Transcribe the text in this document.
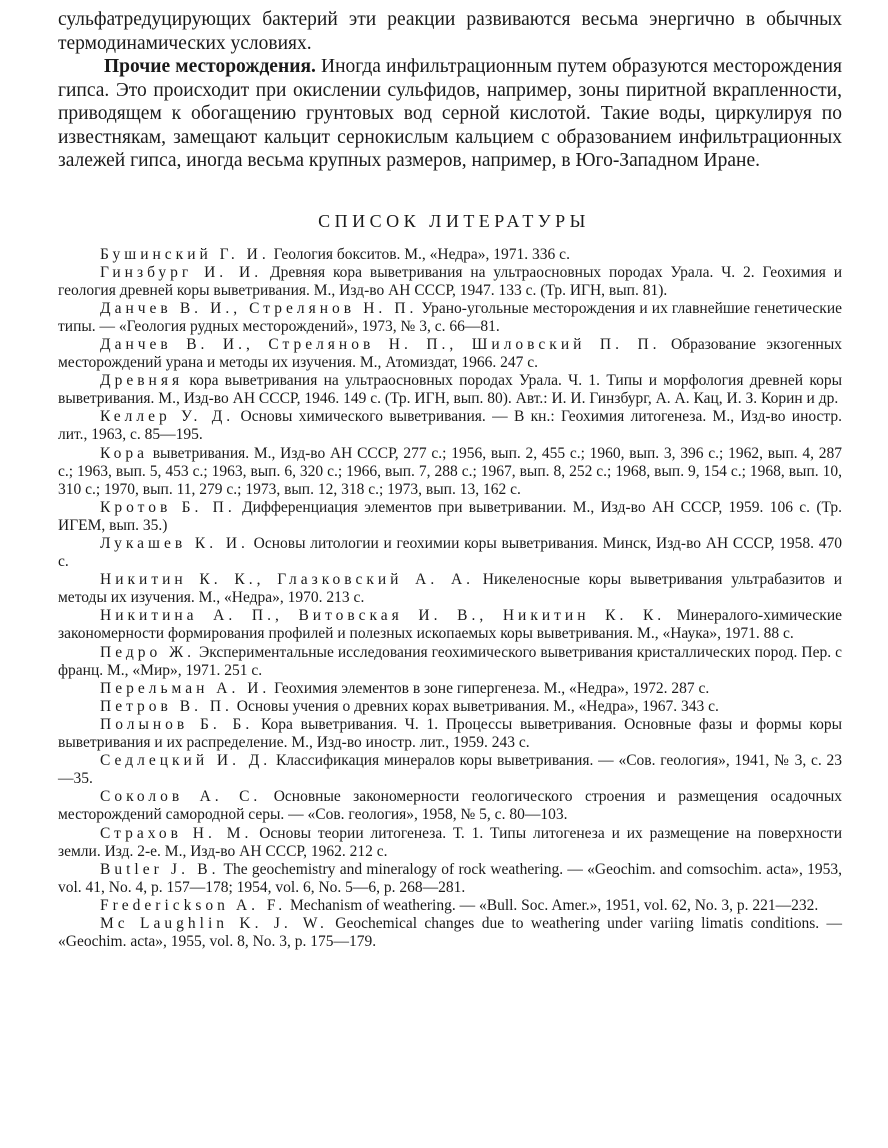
сульфатредуцирующих бактерий эти реакции развиваются весьма энергично в обычных термодинамических условиях.

Прочие месторождения. Иногда инфильтрационным путем образуются месторождения гипса. Это происходит при окислении сульфидов, например, зоны пиритной вкрапленности, приводящем к обогащению грунтовых вод серной кислотой. Такие воды, циркулируя по известнякам, замещают кальцит сернокислым кальцием с образованием инфильтрационных залежей гипса, иногда весьма крупных размеров, например, в Юго-Западном Иране.

СПИСОК ЛИТЕРАТУРЫ

Бушинский Г. И. Геология бокситов. М., «Недра», 1971. 336 с.

Гинзбург И. И. Древняя кора выветривания на ультраосновных породах Урала. Ч. 2. Геохимия и геология древней коры выветривания. М., Изд-во АН СССР, 1947. 133 с. (Тр. ИГН, вып. 81).

Данчев В. И., Стрелянов Н. П. Урано-угольные месторождения и их главнейшие генетические типы. — «Геология рудных месторождений», 1973, № 3, с. 66—81.

Данчев В. И., Стрелянов Н. П., Шиловский П. П. Образование экзогенных месторождений урана и методы их изучения. М., Атомиздат, 1966. 247 с.

Древняя кора выветривания на ультраосновных породах Урала. Ч. 1. Типы и морфология древней коры выветривания. М., Изд-во АН СССР, 1946. 149 с. (Тр. ИГН, вып. 80). Авт.: И. И. Гинзбург, А. А. Кац, И. З. Корин и др.

Келлер У. Д. Основы химического выветривания. — В кн.: Геохимия литогенеза. М., Изд-во иностр. лит., 1963, с. 85—195.

Кора выветривания. М., Изд-во АН СССР, 277 с.; 1956, вып. 2, 455 с.; 1960, вып. 3, 396 с.; 1962, вып. 4, 287 с.; 1963, вып. 5, 453 с.; 1963, вып. 6, 320 с.; 1966, вып. 7, 288 с.; 1967, вып. 8, 252 с.; 1968, вып. 9, 154 с.; 1968, вып. 10, 310 с.; 1970, вып. 11, 279 с.; 1973, вып. 12, 318 с.; 1973, вып. 13, 162 с.

Кротов Б. П. Дифференциация элементов при выветривании. М., Изд-во АН СССР, 1959. 106 с. (Тр. ИГЕМ, вып. 35.)

Лукашев К. И. Основы литологии и геохимии коры выветривания. Минск, Изд-во АН СССР, 1958. 470 с.

Никитин К. К., Глазковский А. А. Никеленосные коры выветривания ультрабазитов и методы их изучения. М., «Недра», 1970. 213 с.

Никитина А. П., Витовская И. В., Никитин К. К. Минералого-химические закономерности формирования профилей и полезных ископаемых коры выветривания. М., «Наука», 1971. 88 с.

Педро Ж. Экспериментальные исследования геохимического выветривания кристаллических пород. Пер. с франц. М., «Мир», 1971. 251 с.

Перельман А. И. Геохимия элементов в зоне гипергенеза. М., «Недра», 1972. 287 с.

Петров В. П. Основы учения о древних корах выветривания. М., «Недра», 1967. 343 с.

Полынов Б. Б. Кора выветривания. Ч. 1. Процессы выветривания. Основные фазы и формы коры выветривания и их распределение. М., Изд-во иностр. лит., 1959. 243 с.

Седлецкий И. Д. Классификация минералов коры выветривания. — «Сов. геология», 1941, № 3, с. 23—35.

Соколов А. С. Основные закономерности геологического строения и размещения осадочных месторождений самородной серы. — «Сов. геология», 1958, № 5, с. 80—103.

Страхов Н. М. Основы теории литогенеза. Т. 1. Типы литогенеза и их размещение на поверхности земли. Изд. 2-е. М., Изд-во АН СССР, 1962. 212 с.

Butler J. B. The geochemistry and mineralogy of rock weathering. — «Geochim. and comsochim. acta», 1953, vol. 41, No. 4, p. 157—178; 1954, vol. 6, No. 5—6, p. 268—281.

Frederickson A. F. Mechanism of weathering. — «Bull. Soc. Amer.», 1951, vol. 62, No. 3, p. 221—232.

Mc Laughlin K. J. W. Geochemical changes due to weathering under variing limatis conditions. — «Geochim. acta», 1955, vol. 8, No. 3, p. 175—179.
